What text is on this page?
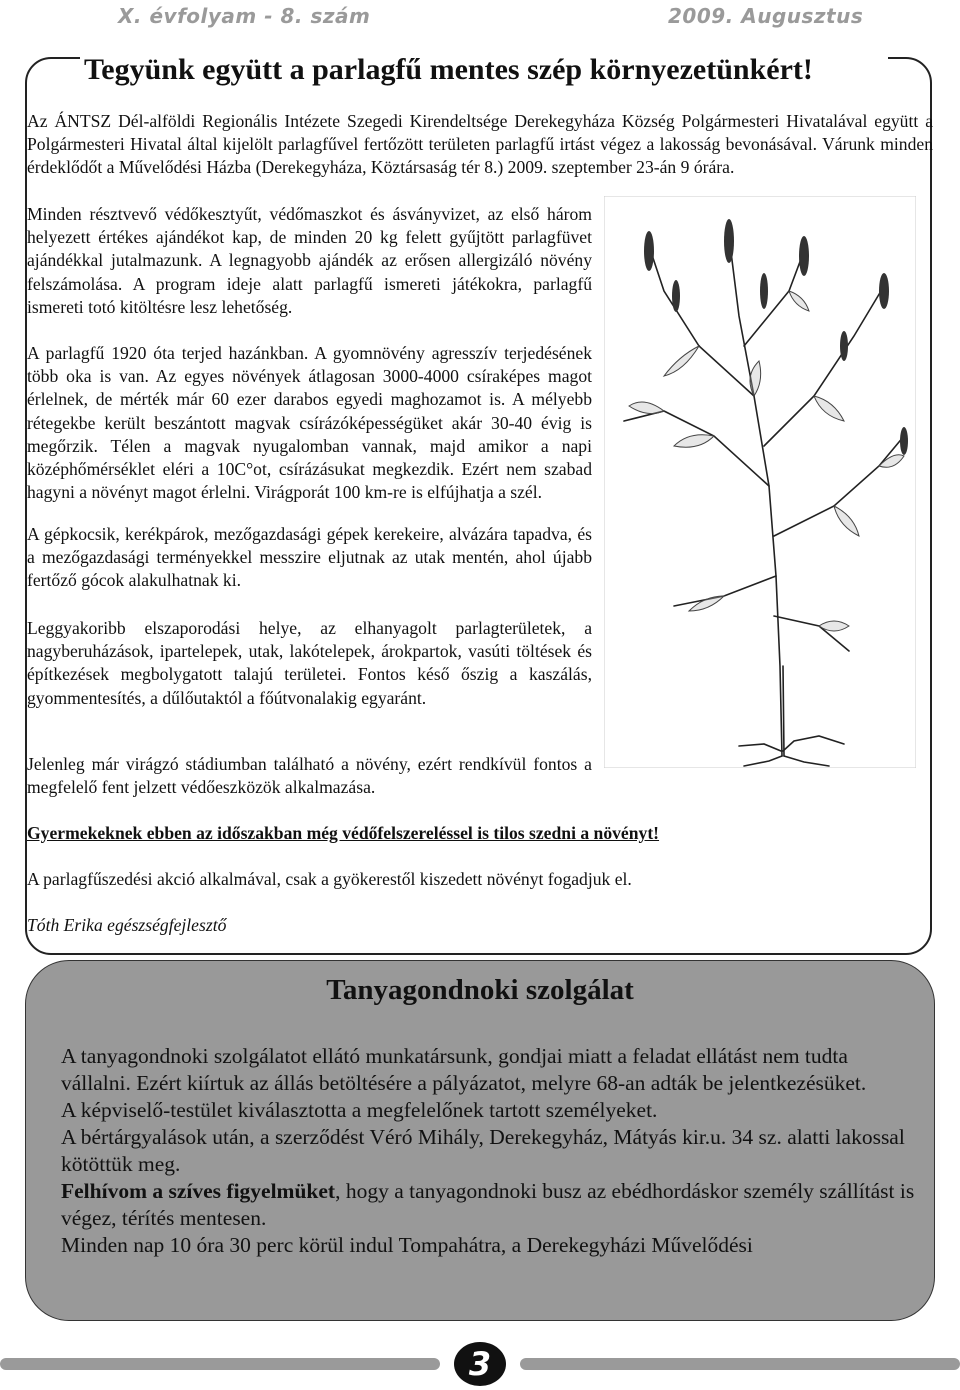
X. évfolyam - 8. szám	2009. Augusztus
Tegyünk együtt a parlagfű mentes szép környezetünkért!
Az ÁNTSZ Dél-alföldi Regionális Intézete Szegedi Kirendeltsége Derekegyháza Község Polgármesteri Hivatalával együtt a Polgármesteri Hivatal által kijelölt parlagfűvel fertőzött területen parlagfű irtást végez a lakosság bevonásával. Várunk minden érdeklődőt a Művelődési Házba (Derekegyháza, Köztársaság tér 8.) 2009. szeptember 23-án 9 órára.
Minden résztvevő védőkesztyűt, védőmaszkot és ásványvizet, az első három helyezett értékes ajándékot kap, de minden 20 kg felett gyűjtött parlagfüvet ajándékkal jutalmazunk. A legnagyobb ajándék az erősen allergizáló növény felszámolása. A program ideje alatt parlagfű ismereti játékokra, parlagfű ismereti totó kitöltésre lesz lehetőség.
A parlagfű 1920 óta terjed hazánkban. A gyomnövény agresszív terjedésének több oka is van. Az egyes növények átlagosan 3000-4000 csíraképes magot érlelnek, de mérték már 60 ezer darabos egyedi maghozamot is. A mélyebb rétegekbe került beszántott magvak csírázóképességüket akár 30-40 évig is megőrzik. Télen a magvak nyugalomban vannak, majd amikor a napi középhőmérséklet eléri a 10C°ot, csírázásukat megkezdik. Ezért nem szabad hagyni a növényt magot érlelni. Virágporát 100 km-re is elfújhatja a szél.
A gépkocsik, kerékpárok, mezőgazdasági gépek kerekeire, alvázára tapadva, és a mezőgazdasági terményekkel messzire eljutnak az utak mentén, ahol újabb fertőző gócok alakulhatnak ki.
Leggyakoribb elszaporodási helye, az elhanyagolt parlagterületek, a nagyberuházások, ipartelepek, utak, lakótelepek, árokpartok, vasúti töltések és építkezések megbolygatott talajú területei. Fontos késő őszig a kaszálás, gyommentesítés, a dűlőutaktól a főútvonalakig egyaránt.
Jelenleg már virágzó stádiumban található a növény, ezért rendkívül fontos a megfelelő fent jelzett védőeszközök alkalmazása.
Gyermekeknek ebben az időszakban még védőfelszereléssel is tilos szedni a növényt!
A parlagfűszedési akció alkalmával, csak a gyökerestől kiszedett növényt fogadjuk el.
Tóth Erika egészségfejlesztő
Tanyagondnoki szolgálat

A tanyagondnoki szolgálatot ellátó munkatársunk, gondjai miatt a feladat ellátást nem tudta vállalni. Ezért kiírtuk az állás betöltésére a pályázatot, melyre 68-an adták be jelentkezésüket.

A képviselő-testület kiválasztotta a megfelelőnek tartott személyeket.

A bértárgyalások után, a szerződést Véró Mihály, Derekegyház, Mátyás kir.u. 34 sz. alatti lakossal kötöttük meg.

Felhívom a szíves figyelmüket, hogy a tanyagondnoki busz az ebédhordáskor személy szállítást is végez, térítés mentesen.

Minden nap 10 óra 30 perc körül indul Tompahátra, a Derekegyházi Művelődési

3
